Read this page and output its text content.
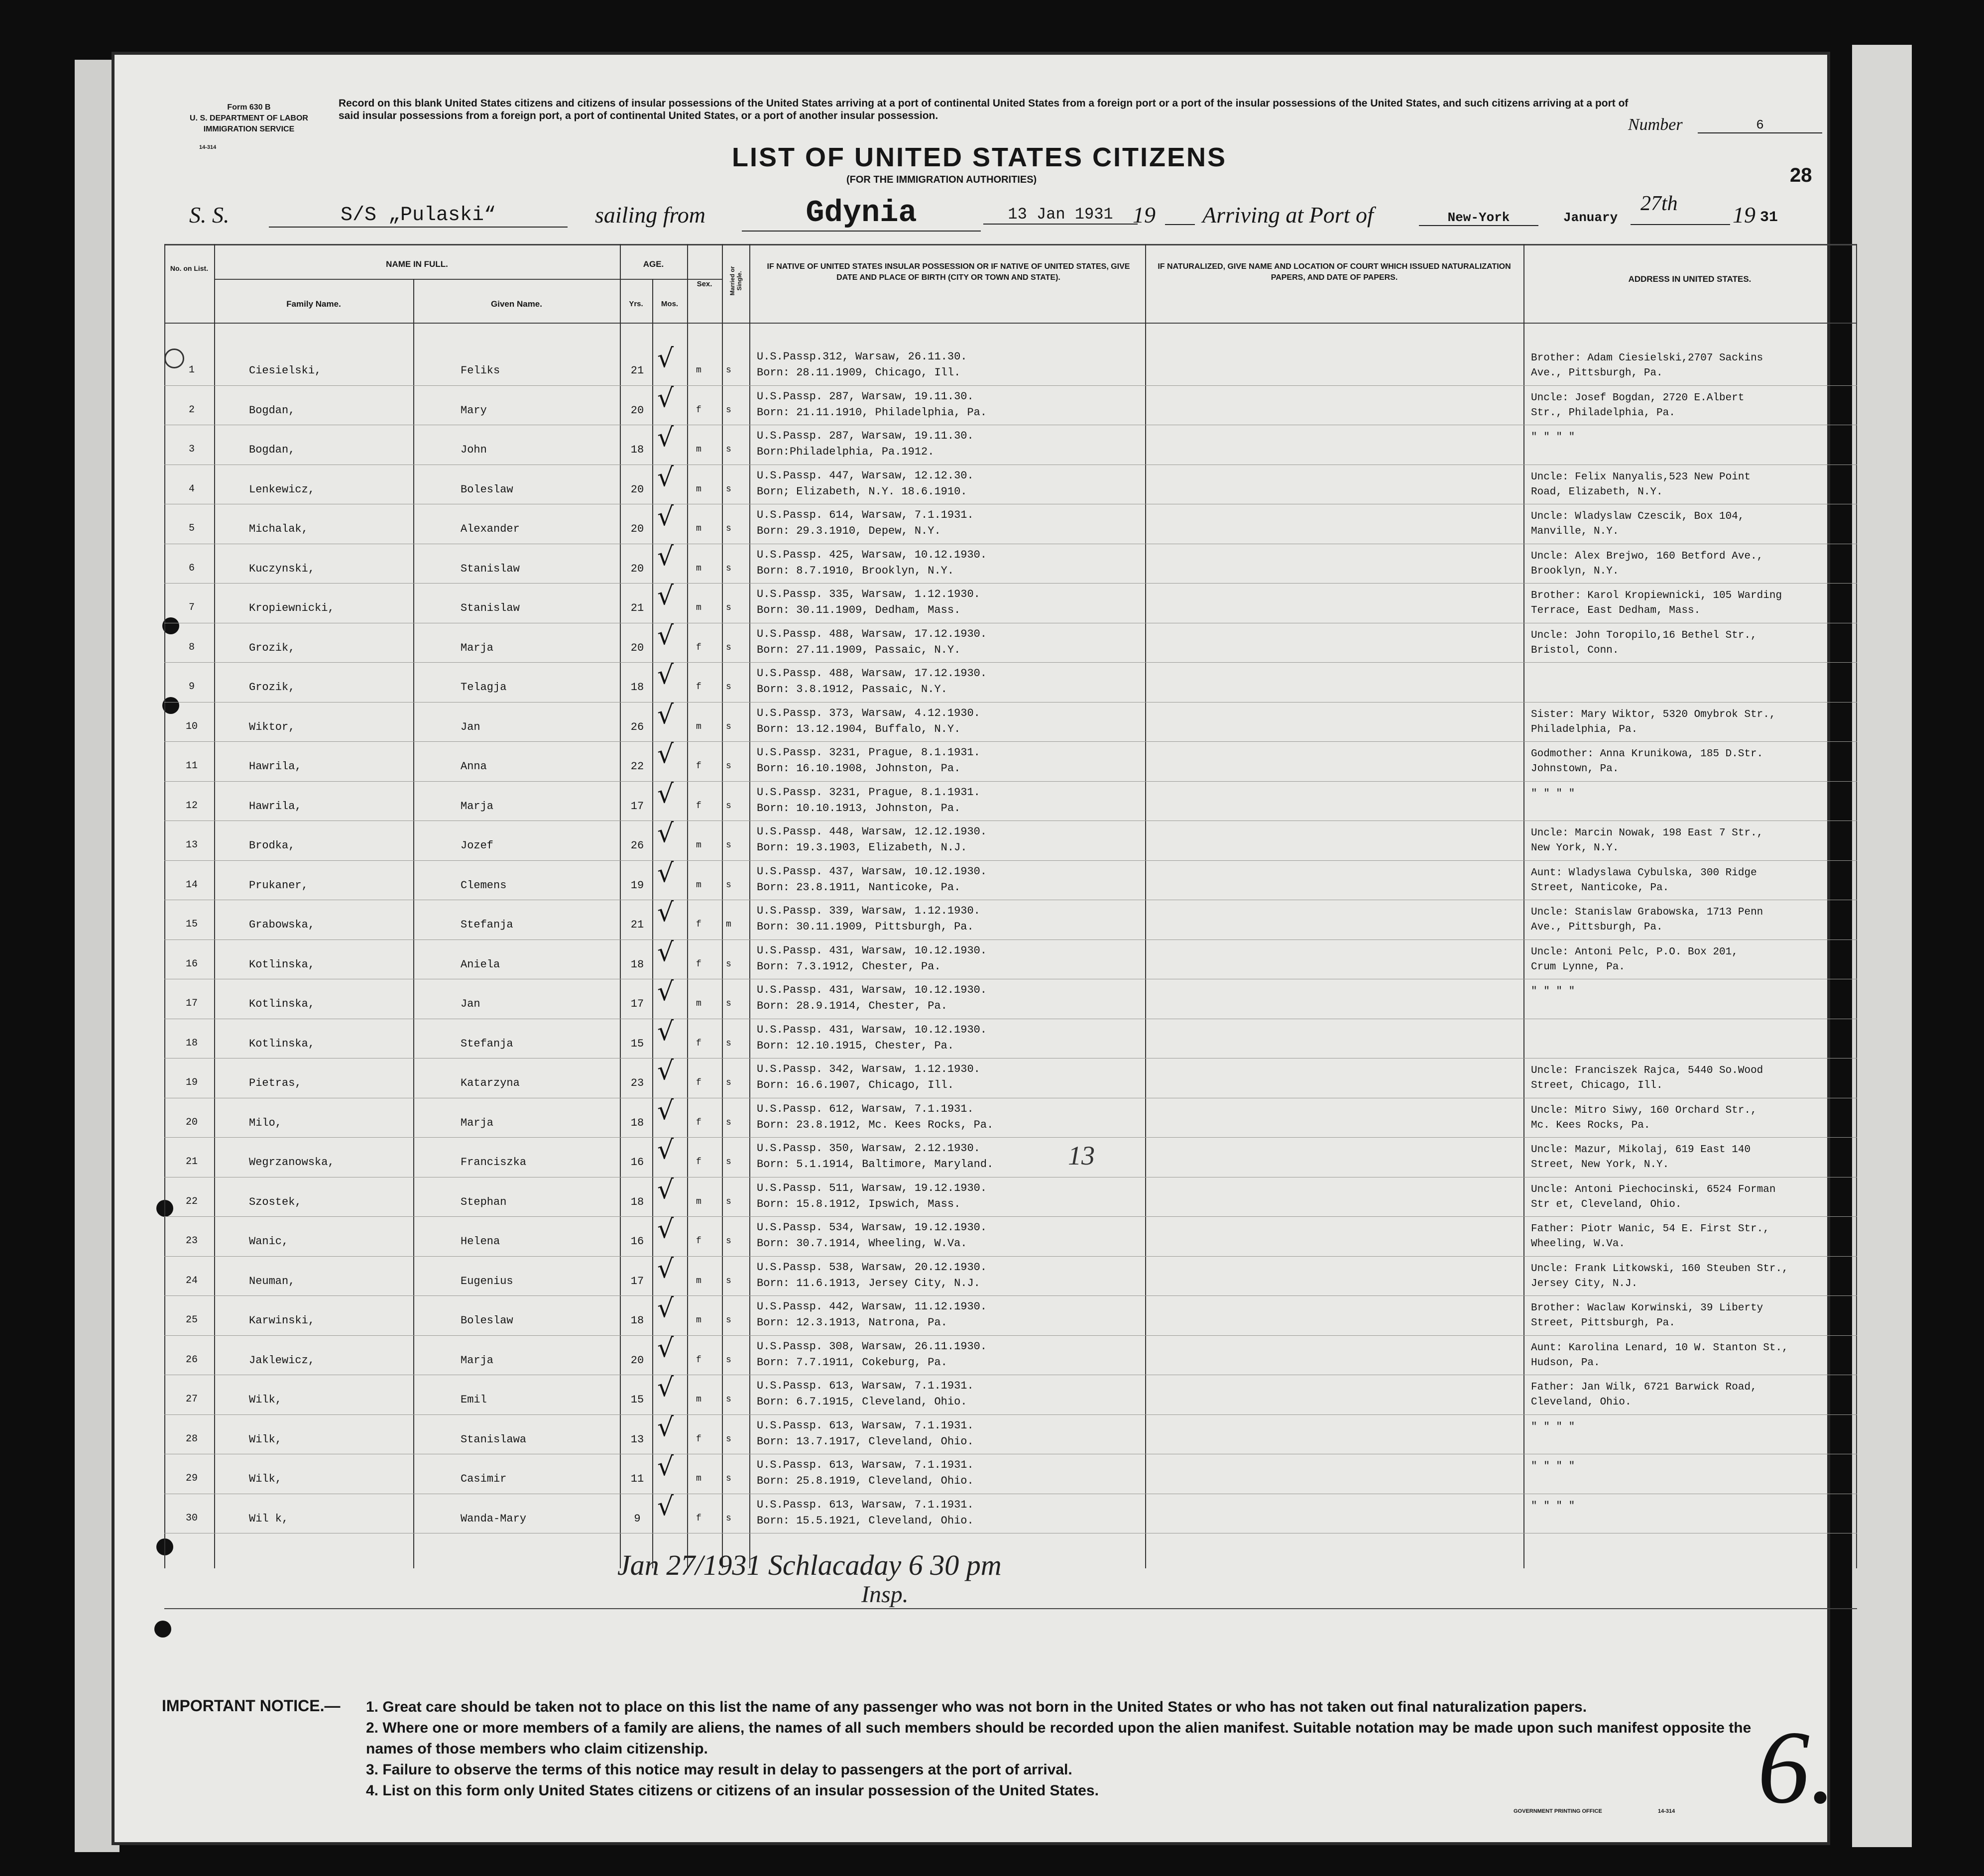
Form 630 B
U. S. DEPARTMENT OF LABOR
IMMIGRATION SERVICE
14-314
Record on this blank United States citizens and citizens of insular possessions of the United States arriving at a port of continental United States from a foreign port or a port of the insular possessions of the United States, and such citizens arriving at a port of said insular possessions from a foreign port, a port of continental United States, or a port of another insular possession.	Number	6
LIST OF UNITED STATES CITIZENS
(FOR THE IMMIGRATION AUTHORITIES)	28
S. S.	S/S „Pulaski“	sailing from	Gdynia	13 Jan 1931 19 Arriving at Port of	New-York	January
27th 19 31
No. on List.	NAME IN FULL.
Family Name.	Given Name.
AGE.
Yrs.	Mos.
Sex.	Married or Single.
IF NATIVE OF UNITED STATES INSULAR POSSESSION OR IF NATIVE OF UNITED STATES, GIVE DATE AND PLACE OF BIRTH (CITY OR TOWN AND STATE).
IF NATURALIZED, GIVE NAME AND LOCATION OF COURT WHICH ISSUED NATURALIZATION PAPERS, AND DATE OF PAPERS.	ADDRESS IN UNITED STATES.
1	Ciesielski,	Feliks	21 √ m	s
U.S.Passp.312, Warsaw, 26.11.30.
Born: 28.11.1909, Chicago, Ill.
Brother: Adam Ciesielski,2707 Sackins
Ave., Pittsburgh, Pa.
2	Bogdan,	Mary	20 √ f	s
U.S.Passp. 287, Warsaw, 19.11.30.
Born: 21.11.1910, Philadelphia, Pa.
Uncle: Josef Bogdan, 2720 E.Albert
Str., Philadelphia, Pa.
3	Bogdan,	John	18 √ m	s
U.S.Passp. 287, Warsaw, 19.11.30.
Born:Philadelphia, Pa.1912.
" " " "
4	Lenkewicz,	Boleslaw	20 √ m	s
U.S.Passp. 447, Warsaw, 12.12.30.
Born; Elizabeth, N.Y. 18.6.1910.
Uncle: Felix Nanyalis,523 New Point
Road, Elizabeth, N.Y.
5	Michalak,	Alexander	20 √ m	s
U.S.Passp. 614, Warsaw, 7.1.1931.
Born: 29.3.1910, Depew, N.Y.
Uncle: Wladyslaw Czescik, Box 104,
Manville, N.Y.
6	Kuczynski,	Stanislaw	20 √ m	s
U.S.Passp. 425, Warsaw, 10.12.1930.
Born: 8.7.1910, Brooklyn, N.Y.
Uncle: Alex Brejwo, 160 Betford Ave.,
Brooklyn, N.Y.
7	Kropiewnicki,	Stanislaw	21 √ m	s
U.S.Passp. 335, Warsaw, 1.12.1930.
Born: 30.11.1909, Dedham, Mass.
Brother: Karol Kropiewnicki, 105 Warding
Terrace, East Dedham, Mass.
8	Grozik,	Marja	20 √ f	s
U.S.Passp. 488, Warsaw, 17.12.1930.
Born: 27.11.1909, Passaic, N.Y.
Uncle: John Toropilo,16 Bethel Str.,
Bristol, Conn.
9	Grozik,	Telagja	18 √ f	s
U.S.Passp. 488, Warsaw, 17.12.1930.
Born: 3.8.1912, Passaic, N.Y.
10	Wiktor,	Jan	26 √ m	s
U.S.Passp. 373, Warsaw, 4.12.1930.
Born: 13.12.1904, Buffalo, N.Y.
Sister: Mary Wiktor, 5320 Omybrok Str.,
Philadelphia, Pa.
11	Hawrila,	Anna	22 √ f	s
U.S.Passp. 3231, Prague, 8.1.1931.
Born: 16.10.1908, Johnston, Pa.
Godmother: Anna Krunikowa, 185 D.Str.
Johnstown, Pa.
12	Hawrila,	Marja	17 √ f	s
U.S.Passp. 3231, Prague, 8.1.1931.
Born: 10.10.1913, Johnston, Pa.
" " " "
13	Brodka,	Jozef	26 √ m	s
U.S.Passp. 448, Warsaw, 12.12.1930.
Born: 19.3.1903, Elizabeth, N.J.
Uncle: Marcin Nowak, 198 East 7 Str.,
New York, N.Y.
14	Prukaner,	Clemens	19 √ m	s
U.S.Passp. 437, Warsaw, 10.12.1930.
Born: 23.8.1911, Nanticoke, Pa.
Aunt: Wladyslawa Cybulska, 300 Ridge
Street, Nanticoke, Pa.
15	Grabowska,	Stefanja	21 √ f	m
U.S.Passp. 339, Warsaw, 1.12.1930.
Born: 30.11.1909, Pittsburgh, Pa.
Uncle: Stanislaw Grabowska, 1713 Penn
Ave., Pittsburgh, Pa.
16	Kotlinska,	Aniela	18 √ f	s
U.S.Passp. 431, Warsaw, 10.12.1930.
Born: 7.3.1912, Chester, Pa.
Uncle: Antoni Pelc, P.O. Box 201,
Crum Lynne, Pa.
17	Kotlinska,	Jan	17 √ m	s
U.S.Passp. 431, Warsaw, 10.12.1930.
Born: 28.9.1914, Chester, Pa.
" " " "
18	Kotlinska,	Stefanja	15 √ f	s
U.S.Passp. 431, Warsaw, 10.12.1930.
Born: 12.10.1915, Chester, Pa.
19	Pietras,	Katarzyna	23 √ f	s
U.S.Passp. 342, Warsaw, 1.12.1930.
Born: 16.6.1907, Chicago, Ill.
Uncle: Franciszek Rajca, 5440 So.Wood
Street, Chicago, Ill.
20	Milo,	Marja	18 √ f	s
U.S.Passp. 612, Warsaw, 7.1.1931.
Born: 23.8.1912, Mc. Kees Rocks, Pa.
Uncle: Mitro Siwy, 160 Orchard Str.,
Mc. Kees Rocks, Pa.
21	Wegrzanowska,	Franciszka	16 √ f	s
U.S.Passp. 350, Warsaw, 2.12.1930.
Born: 5.1.1914, Baltimore, Maryland.
Uncle: Mazur, Mikolaj, 619 East 140
Street, New York, N.Y.
22	Szostek,	Stephan	18 √ m	s
U.S.Passp. 511, Warsaw, 19.12.1930.
Born: 15.8.1912, Ipswich, Mass.
Uncle: Antoni Piechocinski, 6524 Forman
Str et, Cleveland, Ohio.
23	Wanic,	Helena	16 √ f	s
U.S.Passp. 534, Warsaw, 19.12.1930.
Born: 30.7.1914, Wheeling, W.Va.
Father: Piotr Wanic, 54 E. First Str.,
Wheeling, W.Va.
24	Neuman,	Eugenius	17 √ m	s
U.S.Passp. 538, Warsaw, 20.12.1930.
Born: 11.6.1913, Jersey City, N.J.
Uncle: Frank Litkowski, 160 Steuben Str.,
Jersey City, N.J.
25	Karwinski,	Boleslaw	18 √ m	s
U.S.Passp. 442, Warsaw, 11.12.1930.
Born: 12.3.1913, Natrona, Pa.
Brother: Waclaw Korwinski, 39 Liberty
Street, Pittsburgh, Pa.
26	Jaklewicz,	Marja	20 √ f	s
U.S.Passp. 308, Warsaw, 26.11.1930.
Born: 7.7.1911, Cokeburg, Pa.
Aunt: Karolina Lenard, 10 W. Stanton St.,
Hudson, Pa.
27	Wilk,	Emil	15 √ m	s
U.S.Passp. 613, Warsaw, 7.1.1931.
Born: 6.7.1915, Cleveland, Ohio.
Father: Jan Wilk, 6721 Barwick Road,
Cleveland, Ohio.
28	Wilk,	Stanislawa	13 √ f	s
U.S.Passp. 613, Warsaw, 7.1.1931.
Born: 13.7.1917, Cleveland, Ohio.
" " " "
29	Wilk,	Casimir	11 √ m	s
U.S.Passp. 613, Warsaw, 7.1.1931.
Born: 25.8.1919, Cleveland, Ohio.
" " " "
30	Wil k,	Wanda-Mary	9 √ f	s
U.S.Passp. 613, Warsaw, 7.1.1931.
Born: 15.5.1921, Cleveland, Ohio.
" " " "
13
Jan 27/1931 Schlacaday 6 30 pm
Insp.
6.
IMPORTANT NOTICE.— 1. Great care should be taken not to place on this list the name of any passenger who was not born in the United States or who has not taken out final naturalization papers.
2. Where one or more members of a family are aliens, the names of all such members should be recorded upon the alien manifest. Suitable notation may be made upon such manifest opposite the names of those members who claim citizenship.
3. Failure to observe the terms of this notice may result in delay to passengers at the port of arrival.
4. List on this form only United States citizens or citizens of an insular possession of the United States.
GOVERNMENT PRINTING OFFICE	14-314
